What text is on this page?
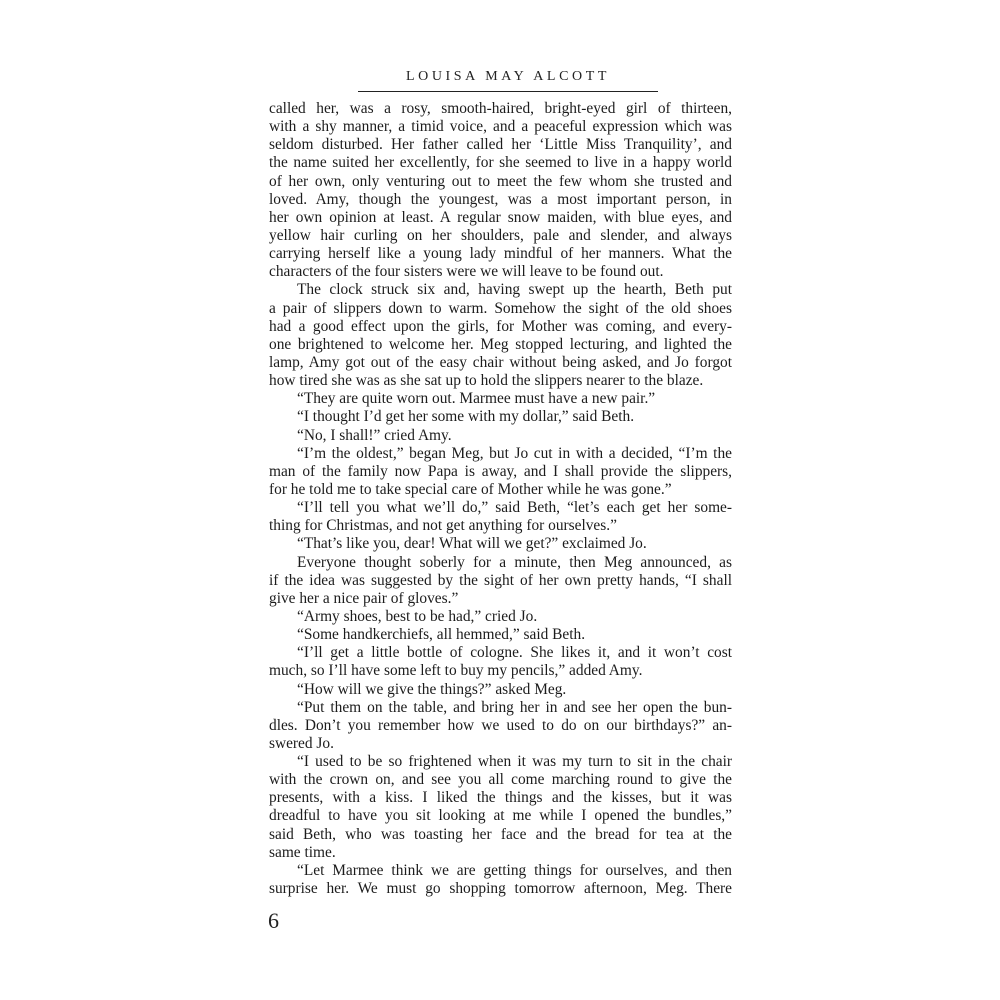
LOUISA MAY ALCOTT
called her, was a rosy, smooth-haired, bright-eyed girl of thirteen,
with a shy manner, a timid voice, and a peaceful expression which was
seldom disturbed. Her father called her ‘Little Miss Tranquility’, and
the name suited her excellently, for she seemed to live in a happy world
of her own, only venturing out to meet the few whom she trusted and
loved. Amy, though the youngest, was a most important person, in
her own opinion at least. A regular snow maiden, with blue eyes, and
yellow hair curling on her shoulders, pale and slender, and always
carrying herself like a young lady mindful of her manners. What the
characters of the four sisters were we will leave to be found out.
The clock struck six and, having swept up the hearth, Beth put
a pair of slippers down to warm. Somehow the sight of the old shoes
had a good effect upon the girls, for Mother was coming, and every-
one brightened to welcome her. Meg stopped lecturing, and lighted the
lamp, Amy got out of the easy chair without being asked, and Jo forgot
how tired she was as she sat up to hold the slippers nearer to the blaze.
“They are quite worn out. Marmee must have a new pair.”
“I thought I’d get her some with my dollar,” said Beth.
“No, I shall!” cried Amy.
“I’m the oldest,” began Meg, but Jo cut in with a decided, “I’m the
man of the family now Papa is away, and I shall provide the slippers,
for he told me to take special care of Mother while he was gone.”
“I’ll tell you what we’ll do,” said Beth, “let’s each get her some-
thing for Christmas, and not get anything for ourselves.”
“That’s like you, dear! What will we get?” exclaimed Jo.
Everyone thought soberly for a minute, then Meg announced, as
if the idea was suggested by the sight of her own pretty hands, “I shall
give her a nice pair of gloves.”
“Army shoes, best to be had,” cried Jo.
“Some handkerchiefs, all hemmed,” said Beth.
“I’ll get a little bottle of cologne. She likes it, and it won’t cost
much, so I’ll have some left to buy my pencils,” added Amy.
“How will we give the things?” asked Meg.
“Put them on the table, and bring her in and see her open the bun-
dles. Don’t you remember how we used to do on our birthdays?” an-
swered Jo.
“I used to be so frightened when it was my turn to sit in the chair
with the crown on, and see you all come marching round to give the
presents, with a kiss. I liked the things and the kisses, but it was
dreadful to have you sit looking at me while I opened the bundles,”
said Beth, who was toasting her face and the bread for tea at the
same time.
“Let Marmee think we are getting things for ourselves, and then
surprise her. We must go shopping tomorrow afternoon, Meg. There
6
